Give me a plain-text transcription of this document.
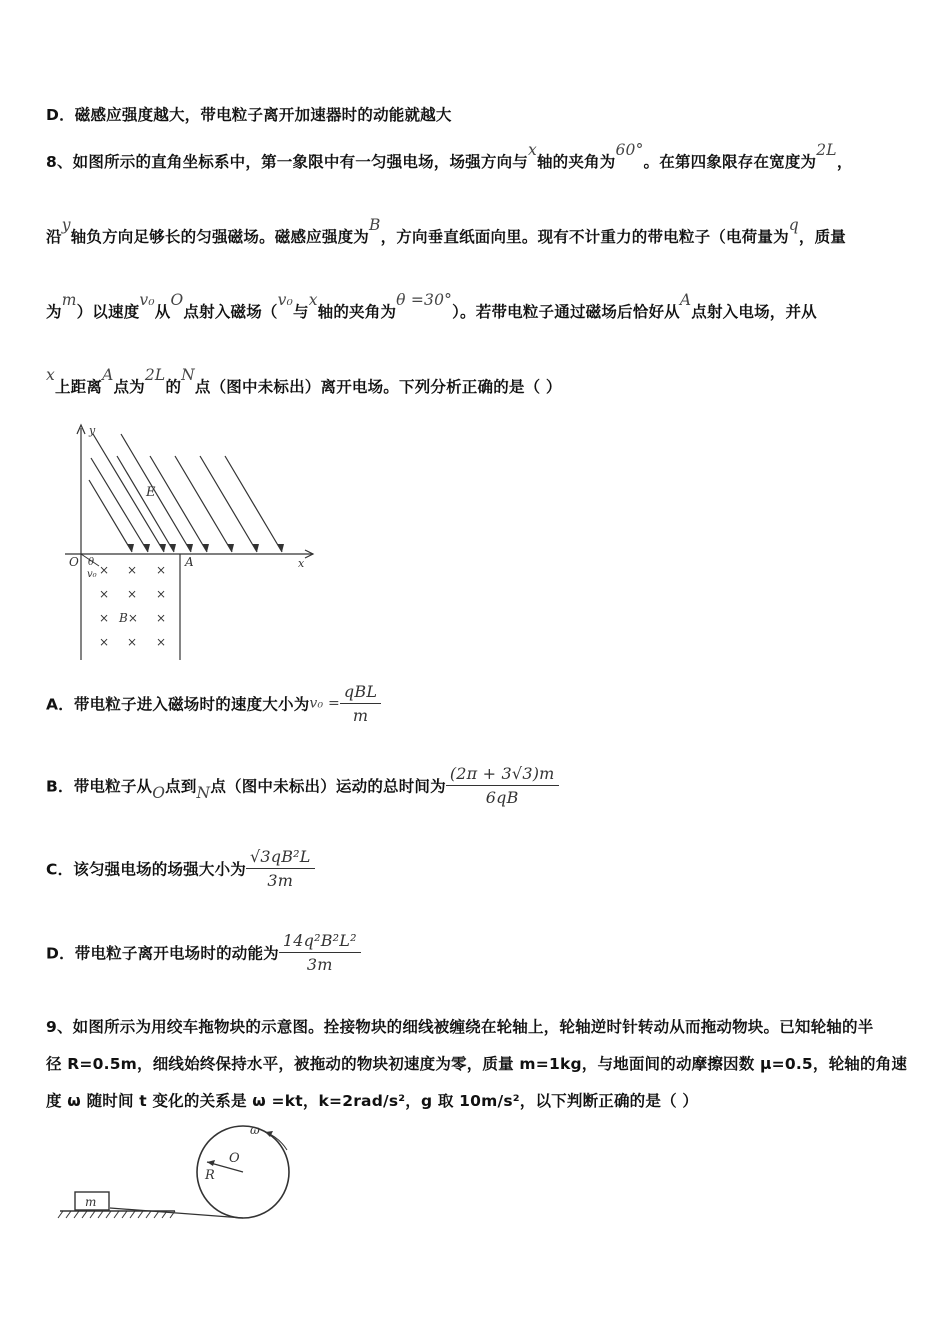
D．磁感应强度越大，带电粒子离开加速器时的动能就越大
8、如图所示的直角坐标系中，第一象限中有一匀强电场，场强方向与x轴的夹角为60°。在第四象限存在宽度为2L，
沿y轴负方向足够长的匀强磁场。磁感应强度为B，方向垂直纸面向里。现有不计重力的带电粒子（电荷量为q，质量
为m）以速度v₀从O点射入磁场（v₀与x轴的夹角为θ =30°）。若带电粒子通过磁场后恰好从A点射入电场，并从
x上距离A点为2L的N点（图中未标出）离开电场。下列分析正确的是（ ）
E
y
x
O	A
θ
v₀ × × ×
× × ×
× B× ×
× × ×
A．带电粒子进入磁场时的速度大小为$v_0 = \frac{\text{qBL}}{m}$
B．带电粒子从O点到N点（图中未标出）运动的总时间为 $\frac{(2\pi + 3√3)m}{6qB}$
C．该匀强电场的场强大小为 $\frac{\text{√3qB²L}}{3m}$
D．带电粒子离开电场时的动能为 $\frac{\text{14q²B²L²}}{3m}$
9、如图所示为用绞车拖物块的示意图。拴接物块的细线被缠绕在轮轴上，轮轴逆时针转动从而拖动物块。已知轮轴的半
径 R=0.5m，细线始终保持水平，被拖动的物块初速度为零，质量 m=1kg，与地面间的动摩擦因数 μ=0.5，轮轴的角速
度 ω 随时间 t 变化的关系是 ω =kt，k=2rad/s²，g 取 10m/s²，以下判断正确的是（ ）
ω
O
R
m
